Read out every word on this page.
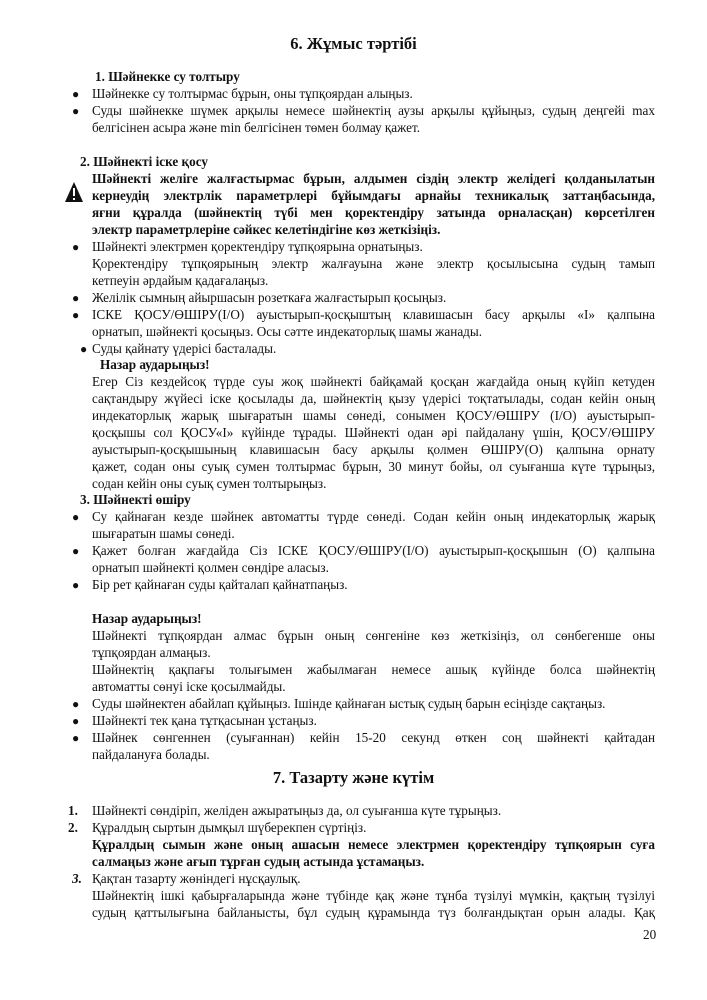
6. Жұмыс тәртібі
1. Шәйнекке су толтыру
● Шәйнекке су толтырмас бұрын, оны тұпқоярдан алыңыз.
● Суды шәйнекке шүмек арқылы немесе шәйнектің аузы арқылы құйыңыз, судың деңгейі max
белгісінен асыра және min белгісінен төмен болмау қажет.
2. Шәйнекті іске қосу
Шәйнекті желіге жалғастырмас бұрын, алдымен сіздің электр желідегі қолданылатын
кернеудің электрлік параметрлері бұйымдағы арнайы техникалық заттаңбасында,
яғни құралда (шәйнектің түбі мен қоректендіру затында орналасқан) көрсетілген
электр параметрлеріне сәйкес келетіндігіне көз жеткізіңіз.
● Шәйнекті электрмен қоректендіру тұпқоярына орнатыңыз.
Қоректендіру тұпқоярының электр жалғауына және электр қосылысына судың тамып
кетпеуін әрдайым қадағалаңыз.
● Желілік сымның айыршасын розеткаға жалғастырып қосыңыз.
● ІСКЕ ҚОСУ/ӨШІРУ(I/O) ауыстырып-қосқыштың клавишасын басу арқылы «I» қалпына
орнатып, шәйнекті қосыңыз. Осы сәтте индекаторлық шамы жанады.
● Суды қайнату үдерісі басталады.
Назар аударыңыз!
Егер Сіз кездейсоқ түрде суы жоқ шәйнекті байқамай қосқан жағдайда оның күйіп кетуден
сақтандыру жүйесі іске қосылады да, шәйнектің қызу үдерісі тоқтатылады, содан кейін оның
индекаторлық жарық шығаратын шамы сөнеді, сонымен ҚОСУ/ӨШІРУ (I/O) ауыстырып-
қосқышы сол ҚОСУ«I» күйінде тұрады. Шәйнекті одан әрі пайдалану үшін, ҚОСУ/ӨШІРУ
ауыстырып-қосқышының клавишасын басу арқылы қолмен ӨШІРУ(О) қалпына орнату
қажет, содан оны суық сумен толтырмас бұрын, 30 минут бойы, ол суығанша күте тұрыңыз,
содан кейін оны суық сумен толтырыңыз.
3. Шәйнекті өшіру
● Су қайнаған кезде шәйнек автоматты түрде сөнеді. Содан кейін оның индекаторлық жарық
шығаратын шамы сөнеді.
● Қажет болған жағдайда Сіз ІСКЕ ҚОСУ/ӨШІРУ(I/O) ауыстырып-қосқышын (О) қалпына
орнатып шәйнекті қолмен сөндіре аласыз.
● Бір рет қайнаған суды қайталап қайнатпаңыз.
Назар аударыңыз!
Шәйнекті тұпқоярдан алмас бұрын оның сөнгеніне көз жеткізіңіз, ол сөнбегенше оны
тұпқоярдан алмаңыз.
Шәйнектің қақпағы толығымен жабылмаған немесе ашық күйінде болса шәйнектің
автоматты сөнуі іске қосылмайды.
● Суды шәйнектен абайлап құйыңыз. Ішінде қайнаған ыстық судың барын есіңізде сақтаңыз.
● Шәйнекті тек қана тұтқасынан ұстаңыз.
● Шәйнек сөнгеннен (суығаннан) кейін 15-20 секунд өткен соң шәйнекті қайтадан
пайдалануға болады.
7. Тазарту және күтім
1. Шәйнекті сөндіріп, желіден ажыратыңыз да, ол суығанша күте тұрыңыз.
2. Құралдың сыртын дымқыл шүберекпен сүртіңіз.
Құралдың сымын және оның ашасын немесе электрмен қоректендіру тұпқоярын суға
салмаңыз және ағып тұрған судың астында ұстамаңыз.
3. Қақтан тазарту жөніндегі нұсқаулық.
Шәйнектің ішкі қабырғаларында және түбінде қақ және тұнба түзілуі мүмкін, қақтың түзілуі
судың қаттылығына байланысты, бұл судың құрамында түз болғандықтан орын алады. Қақ
20
